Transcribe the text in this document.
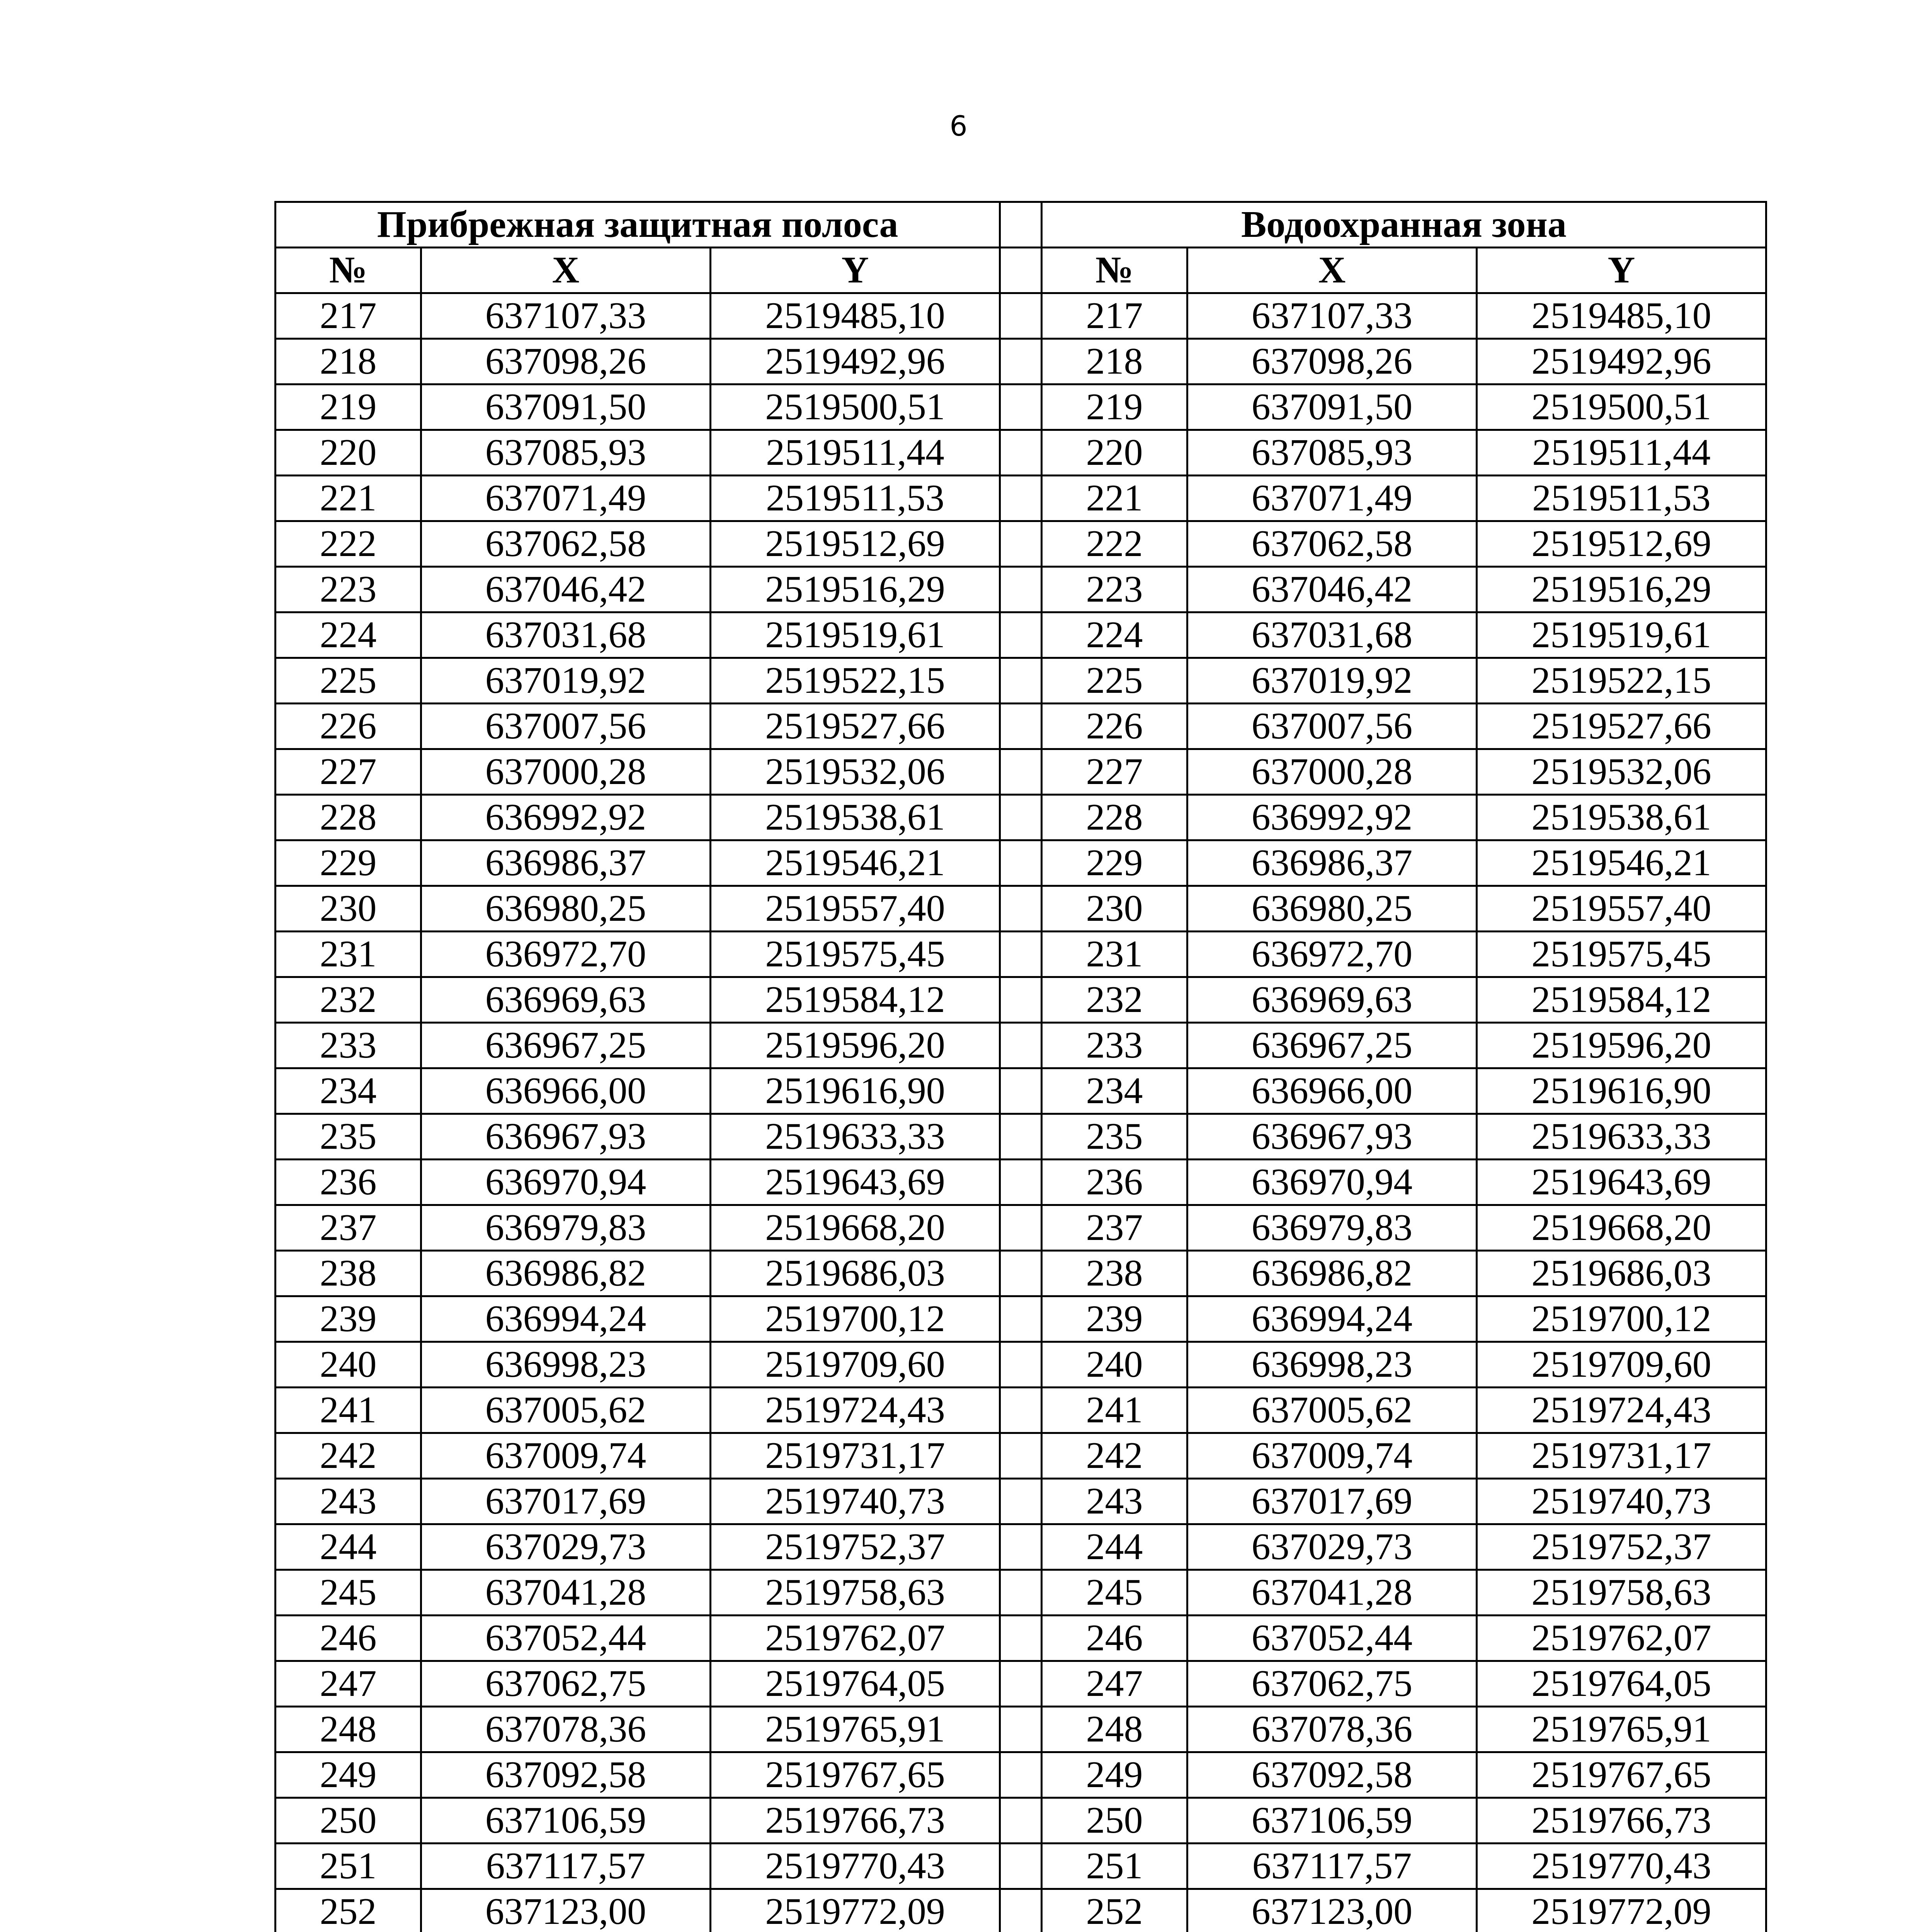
6
Прибрежная защитная полоса				Водоохранная зона		
№	X	Y		№	X	Y
217	637107,33	2519485,10		217	637107,33	2519485,10
218	637098,26	2519492,96		218	637098,26	2519492,96
219	637091,50	2519500,51		219	637091,50	2519500,51
220	637085,93	2519511,44		220	637085,93	2519511,44
221	637071,49	2519511,53		221	637071,49	2519511,53
222	637062,58	2519512,69		222	637062,58	2519512,69
223	637046,42	2519516,29		223	637046,42	2519516,29
224	637031,68	2519519,61		224	637031,68	2519519,61
225	637019,92	2519522,15		225	637019,92	2519522,15
226	637007,56	2519527,66		226	637007,56	2519527,66
227	637000,28	2519532,06		227	637000,28	2519532,06
228	636992,92	2519538,61		228	636992,92	2519538,61
229	636986,37	2519546,21		229	636986,37	2519546,21
230	636980,25	2519557,40		230	636980,25	2519557,40
231	636972,70	2519575,45		231	636972,70	2519575,45
232	636969,63	2519584,12		232	636969,63	2519584,12
233	636967,25	2519596,20		233	636967,25	2519596,20
234	636966,00	2519616,90		234	636966,00	2519616,90
235	636967,93	2519633,33		235	636967,93	2519633,33
236	636970,94	2519643,69		236	636970,94	2519643,69
237	636979,83	2519668,20		237	636979,83	2519668,20
238	636986,82	2519686,03		238	636986,82	2519686,03
239	636994,24	2519700,12		239	636994,24	2519700,12
240	636998,23	2519709,60		240	636998,23	2519709,60
241	637005,62	2519724,43		241	637005,62	2519724,43
242	637009,74	2519731,17		242	637009,74	2519731,17
243	637017,69	2519740,73		243	637017,69	2519740,73
244	637029,73	2519752,37		244	637029,73	2519752,37
245	637041,28	2519758,63		245	637041,28	2519758,63
246	637052,44	2519762,07		246	637052,44	2519762,07
247	637062,75	2519764,05		247	637062,75	2519764,05
248	637078,36	2519765,91		248	637078,36	2519765,91
249	637092,58	2519767,65		249	637092,58	2519767,65
250	637106,59	2519766,73		250	637106,59	2519766,73
251	637117,57	2519770,43		251	637117,57	2519770,43
252	637123,00	2519772,09		252	637123,00	2519772,09
